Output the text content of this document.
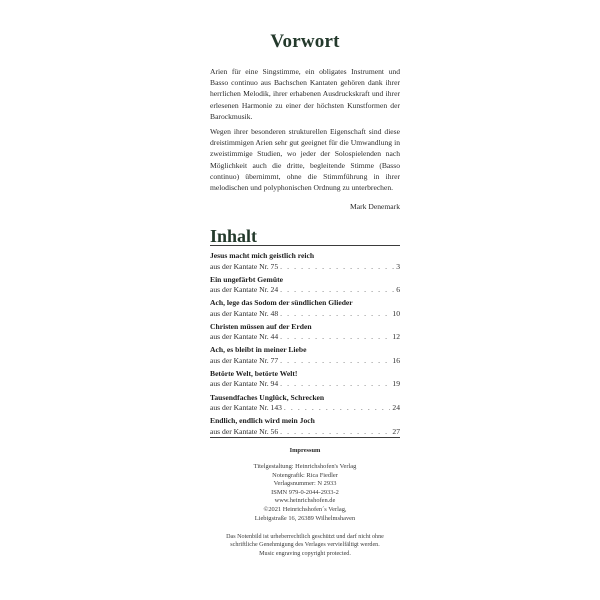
Vorwort

Arien für eine Singstimme, ein obligates Instrument und Basso continuo aus Bachschen Kantaten gehören dank ihrer herrlichen Melodik, ihrer erhabenen Ausdruckskraft und ihrer erlesenen Harmonie zu einer der höchsten Kunstformen der Barockmusik.

Wegen ihrer besonderen strukturellen Eigenschaft sind diese dreistimmigen Arien sehr gut geeignet für die Umwandlung in zweistimmige Studien, wo jeder der Solospielenden nach Möglichkeit auch die dritte, begleitende Stimme (Basso continuo) übernimmt, ohne die Stimmführung in ihrer melodischen und polyphonischen Ordnung zu unterbrechen.

Mark Denemark
Inhalt
Jesus macht mich geistlich reich
aus der Kantate Nr. 75 . . .	3
Ein ungefärbt Gemüte
aus der Kantate Nr. 24 . . .	6
Ach, lege das Sodom der sündlichen Glieder
aus der Kantate Nr. 48 . . .	10
Christen müssen auf der Erden
aus der Kantate Nr. 44 . . .	12
Ach, es bleibt in meiner Liebe
aus der Kantate Nr. 77 . . .	16
Betörte Welt, betörte Welt!
aus der Kantate Nr. 94 . . .	19
Tausendfaches Unglück, Schrecken
aus der Kantate Nr. 143 . . .	24
Endlich, endlich wird mein Joch
aus der Kantate Nr. 56 . . .	27
Impressum
Titelgestaltung: Heinrichshofen's Verlag
Notengrafik: Rica Fiedler
Verlagsnummer: N 2933
ISMN 979-0-2044-2933-2
www.heinrichshofen.de
©2021 Heinrichshofen´s Verlag,
Liebigstraße 16, 26389 Wilhelmshaven
Das Notenbild ist urheberrechtlich geschützt und darf nicht ohne
schriftliche Genehmigung des Verlages vervielfältigt werden.
Music engraving copyright protected.
